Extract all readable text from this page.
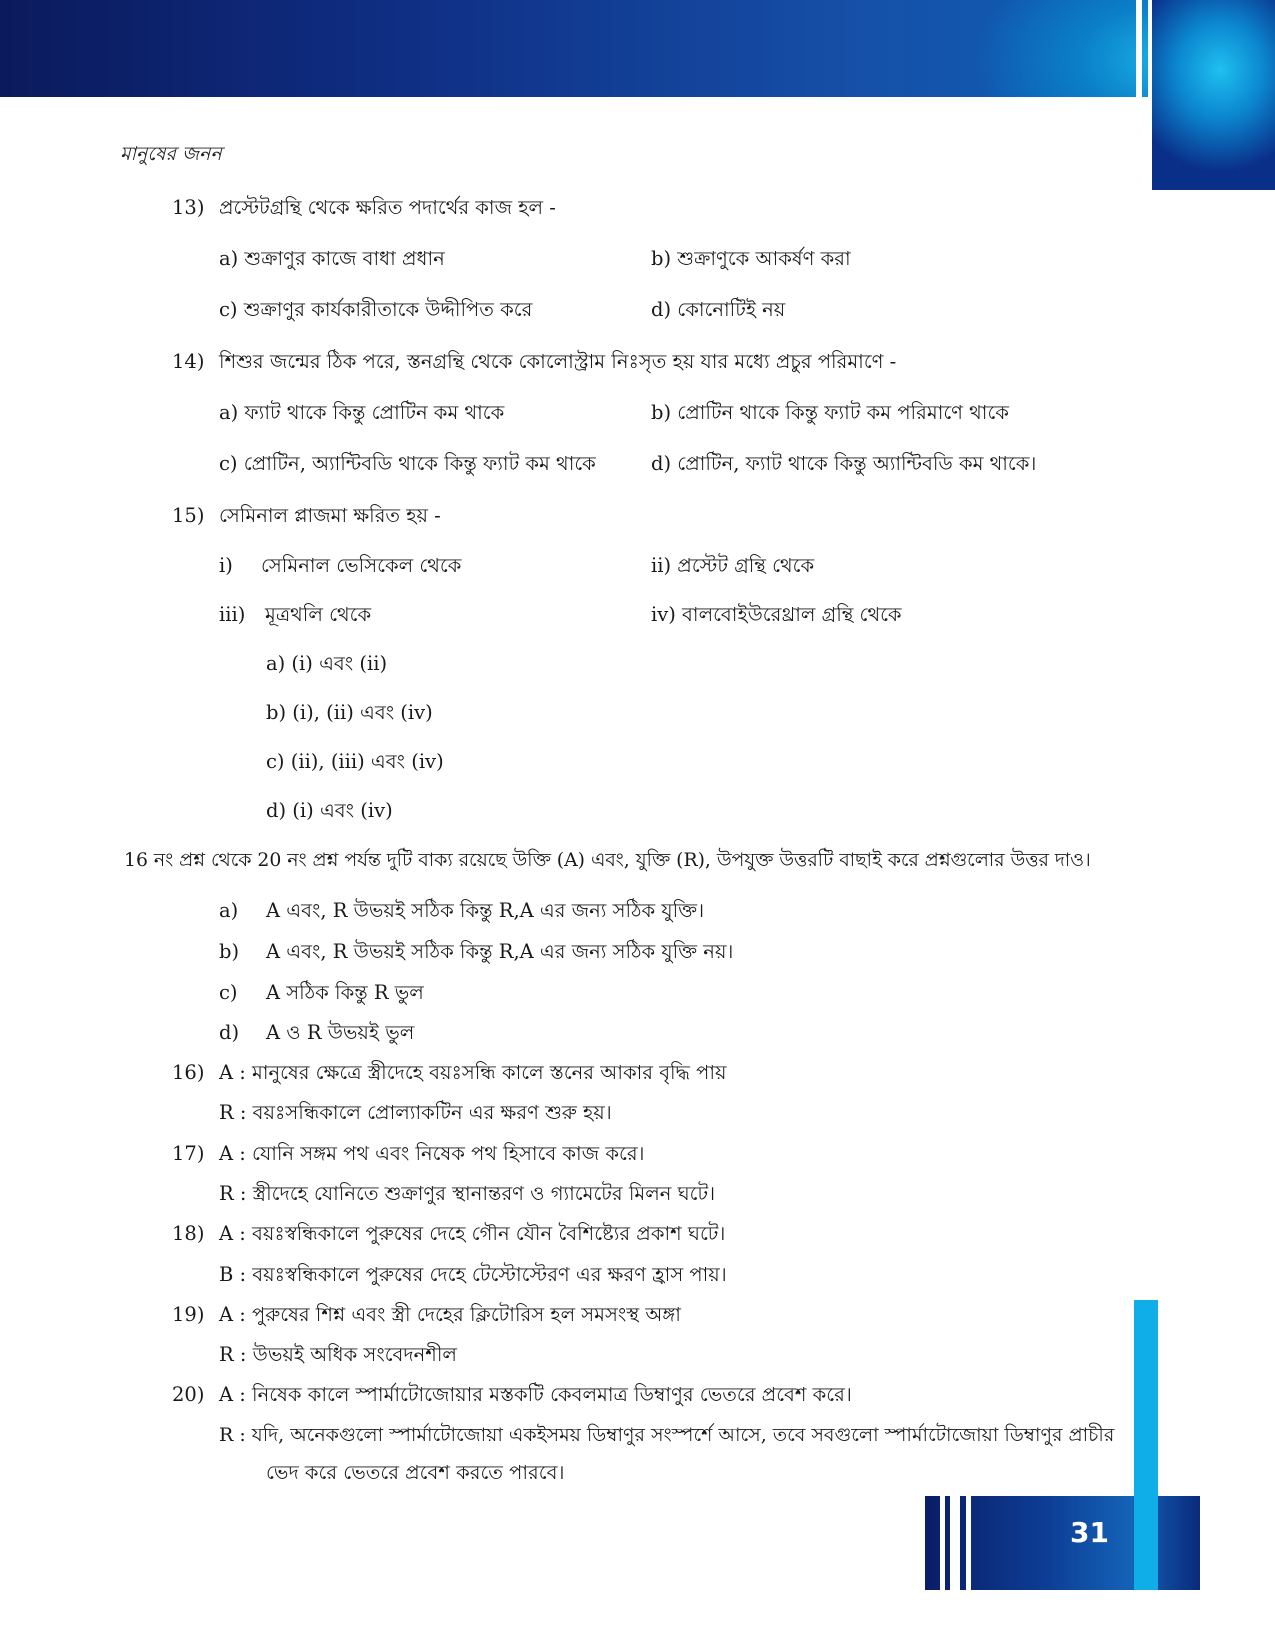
মানুষের জনন
13) প্রস্টেটগ্রন্থি থেকে ক্ষরিত পদার্থের কাজ হল -
a) শুক্রাণুর কাজে বাধা প্রধান	b) শুক্রাণুকে আকর্ষণ করা
c) শুক্রাণুর কার্যকারীতাকে উদ্দীপিত করে	d) কোনোটিই নয়
14) শিশুর জন্মের ঠিক পরে, স্তনগ্রন্থি থেকে কোলোস্ট্রাম নিঃসৃত হয় যার মধ্যে প্রচুর পরিমাণে -
a) ফ্যাট থাকে কিন্তু প্রোটিন কম থাকে	b) প্রোটিন থাকে কিন্তু ফ্যাট কম পরিমাণে থাকে
c) প্রোটিন, অ্যান্টিবডি থাকে কিন্তু ফ্যাট কম থাকে	d) প্রোটিন, ফ্যাট থাকে কিন্তু অ্যান্টিবডি কম থাকে।
15) সেমিনাল প্লাজমা ক্ষরিত হয় -
i) সেমিনাল ভেসিকেল থেকে	ii) প্রস্টেট গ্রন্থি থেকে
iii) মূত্রথলি থেকে	iv) বালবোইউরেথ্রাল গ্রন্থি থেকে
a) (i) এবং (ii)
b) (i), (ii) এবং (iv)
c) (ii), (iii) এবং (iv)
d) (i) এবং (iv)
16 নং প্রশ্ন থেকে 20 নং প্রশ্ন পর্যন্ত দুটি বাক্য রয়েছে উক্তি (A) এবং, যুক্তি (R), উপযুক্ত উত্তরটি বাছাই করে প্রশ্নগুলোর উত্তর দাও।
a) A এবং, R উভয়ই সঠিক কিন্তু R,A এর জন্য সঠিক যুক্তি।
b) A এবং, R উভয়ই সঠিক কিন্তু R,A এর জন্য সঠিক যুক্তি নয়।
c) A সঠিক কিন্তু R ভুল
d) A ও R উভয়ই ভুল
16) A : মানুষের ক্ষেত্রে স্ত্রীদেহে বয়ঃসন্ধি কালে স্তনের আকার বৃদ্ধি পায়
R : বয়ঃসন্ধিকালে প্রোল্যাকটিন এর ক্ষরণ শুরু হয়।
17) A : যোনি সঙ্গম পথ এবং নিষেক পথ হিসাবে কাজ করে।
R : স্ত্রীদেহে যোনিতে শুক্রাণুর স্থানান্তরণ ও গ্যামেটের মিলন ঘটে।
18) A : বয়ঃস্বন্ধিকালে পুরুষের দেহে গৌন যৌন বৈশিষ্ট্যের প্রকাশ ঘটে।
B : বয়ঃস্বন্ধিকালে পুরুষের দেহে টেস্টোস্টেরণ এর ক্ষরণ হ্রাস পায়।
19) A : পুরুষের শিশ্ন এবং স্ত্রী দেহের ক্লিটোরিস হল সমসংস্থ অঙ্গা
R : উভয়ই অধিক সংবেদনশীল
20) A : নিষেক কালে স্পার্মাটোজোয়ার মস্তকটি কেবলমাত্র ডিম্বাণুর ভেতরে প্রবেশ করে।
R : যদি, অনেকগুলো স্পার্মাটোজোয়া একইসময় ডিম্বাণুর সংস্পর্শে আসে, তবে সবগুলো স্পার্মাটোজোয়া ডিম্বাণুর প্রাচীর
ভেদ করে ভেতরে প্রবেশ করতে পারবে।
31
